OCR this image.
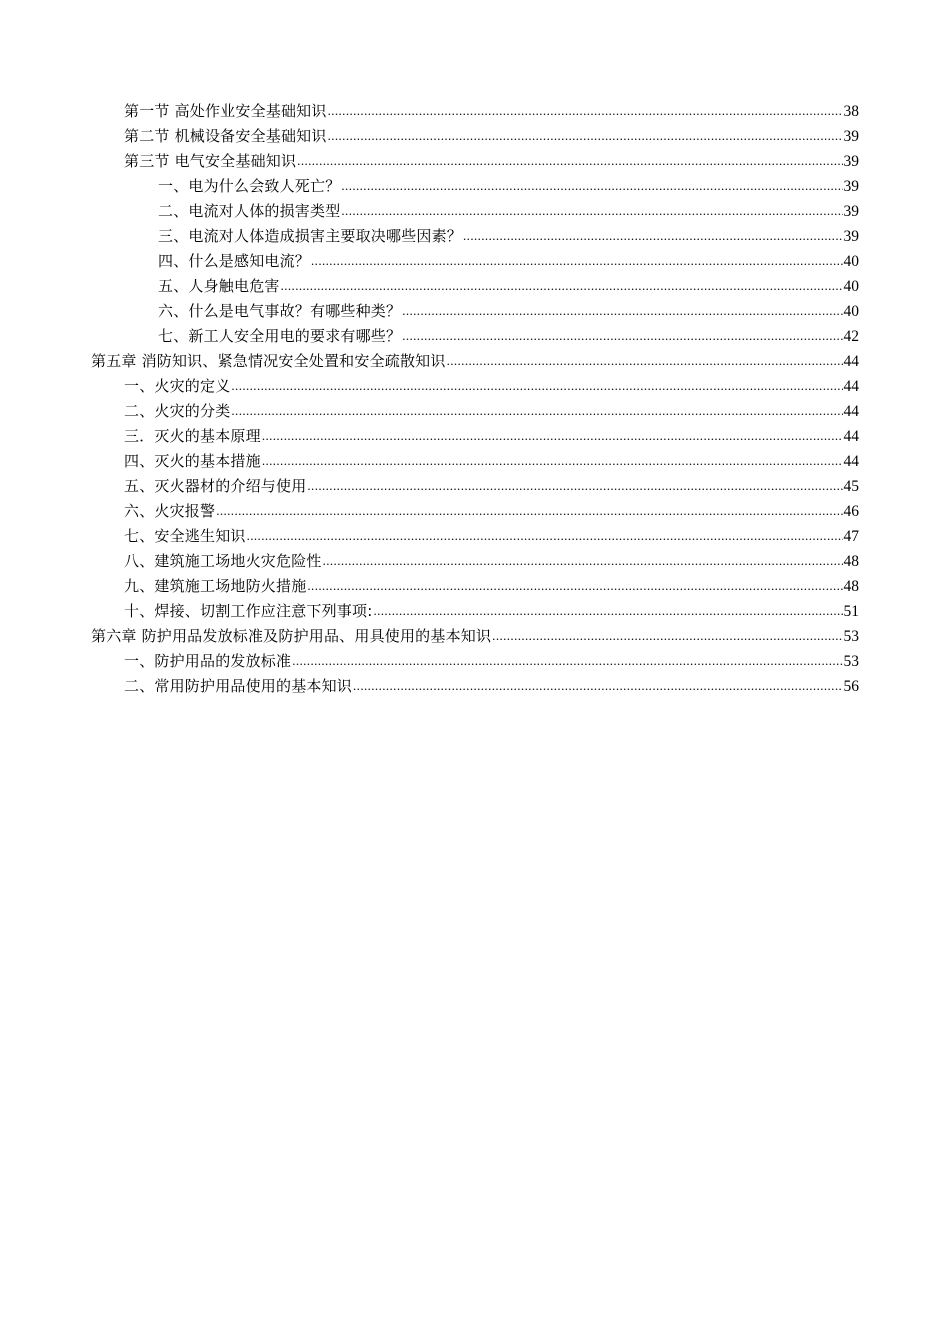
第一节 高处作业安全基础知识 .....	38
第二节 机械设备安全基础知识 .....	39
第三节 电气安全基础知识 .....	39
一、电为什么会致人死亡？ .....	39
二、电流对人体的损害类型 .....	39
三、电流对人体造成损害主要取决哪些因素？ .....	39
四、什么是感知电流？ .....	40
五、人身触电危害 .....	40
六、什么是电气事故？有哪些种类？ .....	40
七、新工人安全用电的要求有哪些？ .....	42
第五章 消防知识、紧急情况安全处置和安全疏散知识 .....	44
一、火灾的定义 .....	44
二、火灾的分类 .....	44
三．灭火的基本原理 .....	44
四、灭火的基本措施 .....	44
五、灭火器材的介绍与使用 .....	45
六、火灾报警 .....	46
七、安全逃生知识 .....	47
八、建筑施工场地火灾危险性 .....	48
九、建筑施工场地防火措施 .....	48
十、焊接、切割工作应注意下列事项: .....	51
第六章 防护用品发放标准及防护用品、用具使用的基本知识 .....	53
一、防护用品的发放标准 .....	53
二、常用防护用品使用的基本知识 .....	56
